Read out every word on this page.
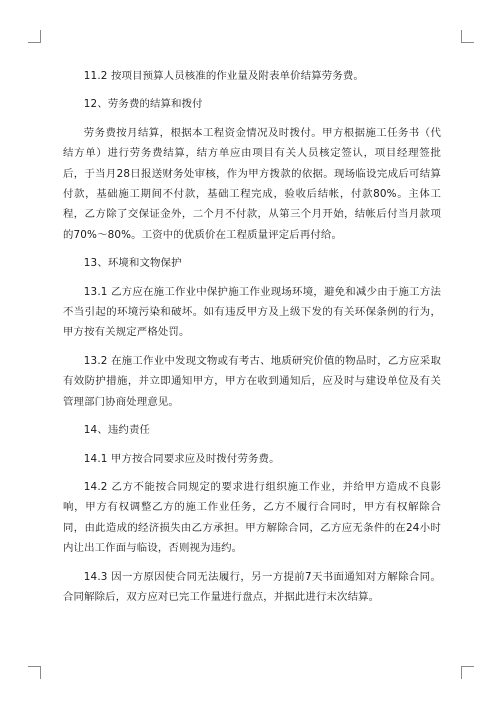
11.2 按项目预算人员核准的作业量及附表单价结算劳务费。

12、劳务费的结算和拨付

劳务费按月结算，根据本工程资金情况及时拨付。甲方根据施工任务书（代结方单）进行劳务费结算，结方单应由项目有关人员核定签认，项目经理签批后，于当月28日报送财务处审核，作为甲方拨款的依据。现场临设完成后可结算付款，基础施工期间不付款，基础工程完成，验收后结帐，付款80%。主体工程，乙方除了交保证金外，二个月不付款，从第三个月开始，结帐后付当月款项的70%～80%。工资中的优质价在工程质量评定后再付给。

13、环境和文物保护

13.1 乙方应在施工作业中保护施工作业现场环境，避免和减少由于施工方法不当引起的环境污染和破坏。如有违反甲方及上级下发的有关环保条例的行为，甲方按有关规定严格处罚。

13.2 在施工作业中发现文物或有考古、地质研究价值的物品时，乙方应采取有效防护措施，并立即通知甲方，甲方在收到通知后，应及时与建设单位及有关管理部门协商处理意见。

14、违约责任

14.1 甲方按合同要求应及时拨付劳务费。

14.2 乙方不能按合同规定的要求进行组织施工作业，并给甲方造成不良影响，甲方有权调整乙方的施工作业任务，乙方不履行合同时，甲方有权解除合同，由此造成的经济损失由乙方承担。甲方解除合同，乙方应无条件的在24小时内让出工作面与临设，否则视为违约。

14.3 因一方原因使合同无法履行，另一方提前7天书面通知对方解除合同。合同解除后，双方应对已完工作量进行盘点，并据此进行末次结算。
